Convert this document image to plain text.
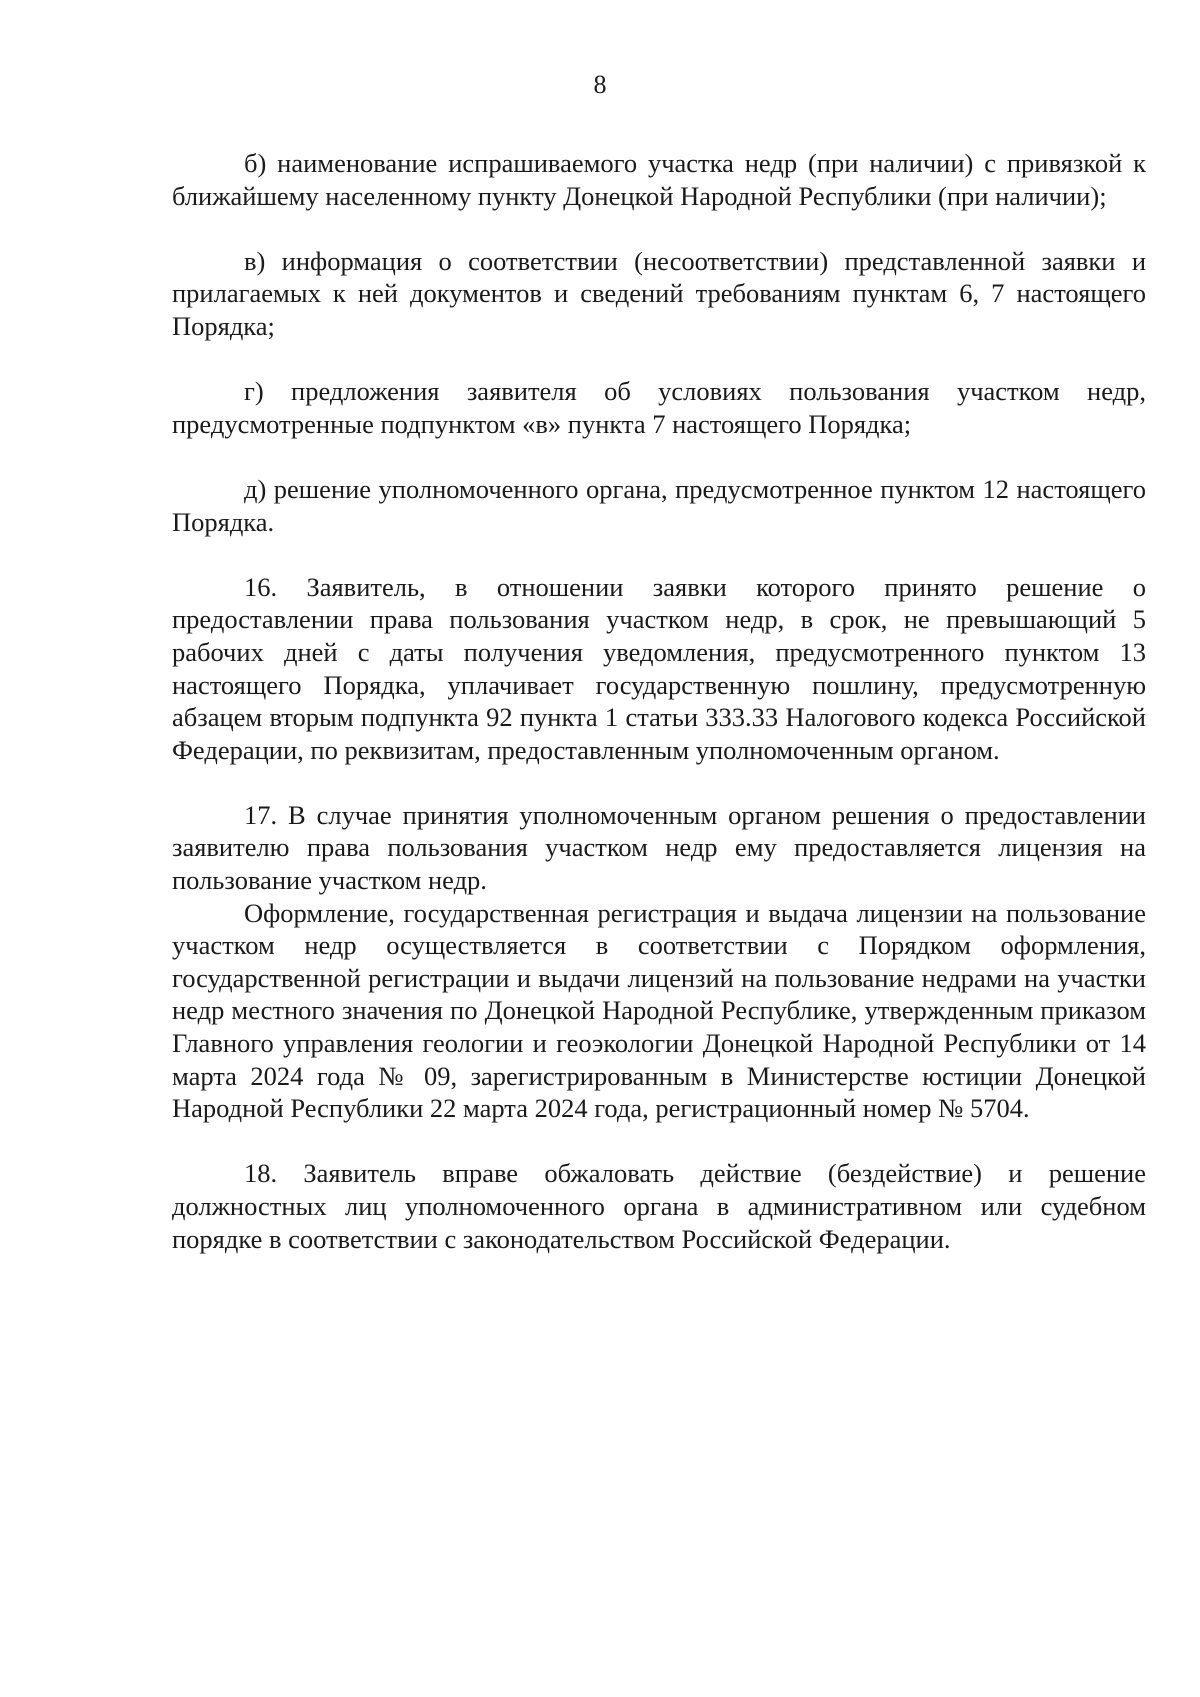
8

б) наименование испрашиваемого участка недр (при наличии) с привязкой к ближайшему населенному пункту Донецкой Народной Республики (при наличии);

в) информация о соответствии (несоответствии) представленной заявки и прилагаемых к ней документов и сведений требованиям пунктам 6, 7 настоящего Порядка;

г) предложения заявителя об условиях пользования участком недр, предусмотренные подпунктом «в» пункта 7 настоящего Порядка;

д) решение уполномоченного органа, предусмотренное пунктом 12 настоящего Порядка.

16. Заявитель, в отношении заявки которого принято решение о предоставлении права пользования участком недр, в срок, не превышающий 5 рабочих дней с даты получения уведомления, предусмотренного пунктом 13 настоящего Порядка, уплачивает государственную пошлину, предусмотренную абзацем вторым подпункта 92 пункта 1 статьи 333.33 Налогового кодекса Российской Федерации, по реквизитам, предоставленным уполномоченным органом.

17. В случае принятия уполномоченным органом решения о предоставлении заявителю права пользования участком недр ему предоставляется лицензия на пользование участком недр.

Оформление, государственная регистрация и выдача лицензии на пользование участком недр осуществляется в соответствии с Порядком оформления, государственной регистрации и выдачи лицензий на пользование недрами на участки недр местного значения по Донецкой Народной Республике, утвержденным приказом Главного управления геологии и геоэкологии Донецкой Народной Республики от 14 марта 2024 года № 09, зарегистрированным в Министерстве юстиции Донецкой Народной Республики 22 марта 2024 года, регистрационный номер № 5704.

18. Заявитель вправе обжаловать действие (бездействие) и решение должностных лиц уполномоченного органа в административном или судебном порядке в соответствии с законодательством Российской Федерации.
